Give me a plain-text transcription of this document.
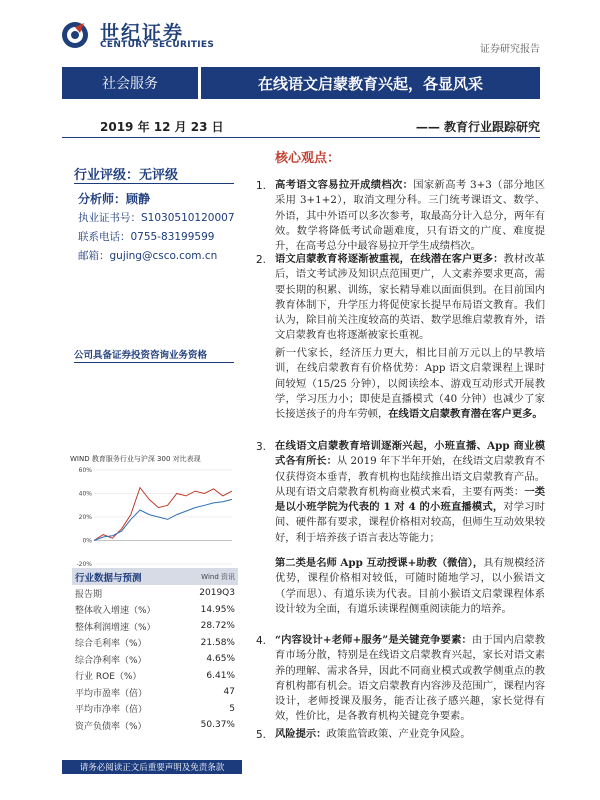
世纪证券
CENTURY SECURITIES	证券研究报告
社会服务	在线语文启蒙教育兴起，各显风采
2019 年 12 月 23 日	—— 教育行业跟踪研究
行业评级：无评级
分析师：顾静
执业证书号：S1030510120007
联系电话：0755-83199599
邮箱：gujing@csco.com.cn
公司具备证券投资咨询业务资格
WIND 教育服务行业与沪深 300 对比表现
60%
40%
20%
0%
-20%
行业数据与预测	Wind 资讯
报告期	2019Q3
整体收入增速（%）	14.95%
整体利润增速（%）	28.72%
综合毛利率（%）	21.58%
综合净利率（%）	4.65%
行业 ROE（%）	6.41%
平均市盈率（倍）	47
平均市净率（倍）	5
资产负债率（%）	50.37%
请务必阅读正文后重要声明及免责条款
核心观点：
1. 高考语文容易拉开成绩档次：国家新高考 3+3（部分地区采用 3+1+2），取消文理分科。三门统考课语文、数学、外语，其中外语可以多次参考，取最高分计入总分，两年有效。数学将降低考试命题难度，只有语文的广度、难度提升，在高考总分中最容易拉开学生成绩档次。
2. 语文启蒙教育将逐渐被重视，在线潜在客户更多：教材改革后，语文考试涉及知识点范围更广，人文素养要求更高，需要长期的积累、训练，家长精导难以面面俱到。在目前国内教育体制下，升学压力将促使家长提早布局语文教育。我们认为，除目前关注度较高的英语、数学思维启蒙教育外，语文启蒙教育也将逐渐被家长重视。
新一代家长，经济压力更大，相比目前万元以上的早教培训，在线启蒙教育有价格优势：App 语文启蒙课程上课时间较短（15/25 分钟），以阅读绘本、游戏互动形式开展教学，学习压力小；即使是直播模式（40 分钟）也减少了家长接送孩子的舟车劳顿，在线语文启蒙教育潜在客户更多。
3. 在线语文启蒙教育培训逐渐兴起，小班直播、App 商业模式各有所长：从 2019 年下半年开始，在线语文启蒙教育不仅获得资本垂青，教育机构也陆续推出语文启蒙教育产品。从现有语文启蒙教育机构商业模式来看，主要有两类：一类是以小班学院为代表的 1 对 4 的小班直播模式，对学习时间、硬件都有要求，课程价格相对较高，但师生互动效果较好，利于培养孩子语言表达等能力；
第二类是名师 App 互动授课+助教（微信），具有规模经济优势，课程价格相对较低，可随时随地学习，以小猴语文（学而思）、有道乐读为代表。目前小猴语文启蒙课程体系设计较为全面，有道乐读课程侧重阅读能力的培养。
4. “内容设计+老师+服务”是关键竞争要素：由于国内启蒙教育市场分散，特别是在线语文启蒙教育兴起，家长对语文素养的理解、需求各异，因此不同商业模式或教学侧重点的教育机构都有机会。语文启蒙教育内容涉及范围广，课程内容设计，老师授课及服务，能否让孩子感兴趣，家长觉得有效，性价比，是各教育机构关键竞争要素。
5. 风险提示：政策监管政策、产业竞争风险。
